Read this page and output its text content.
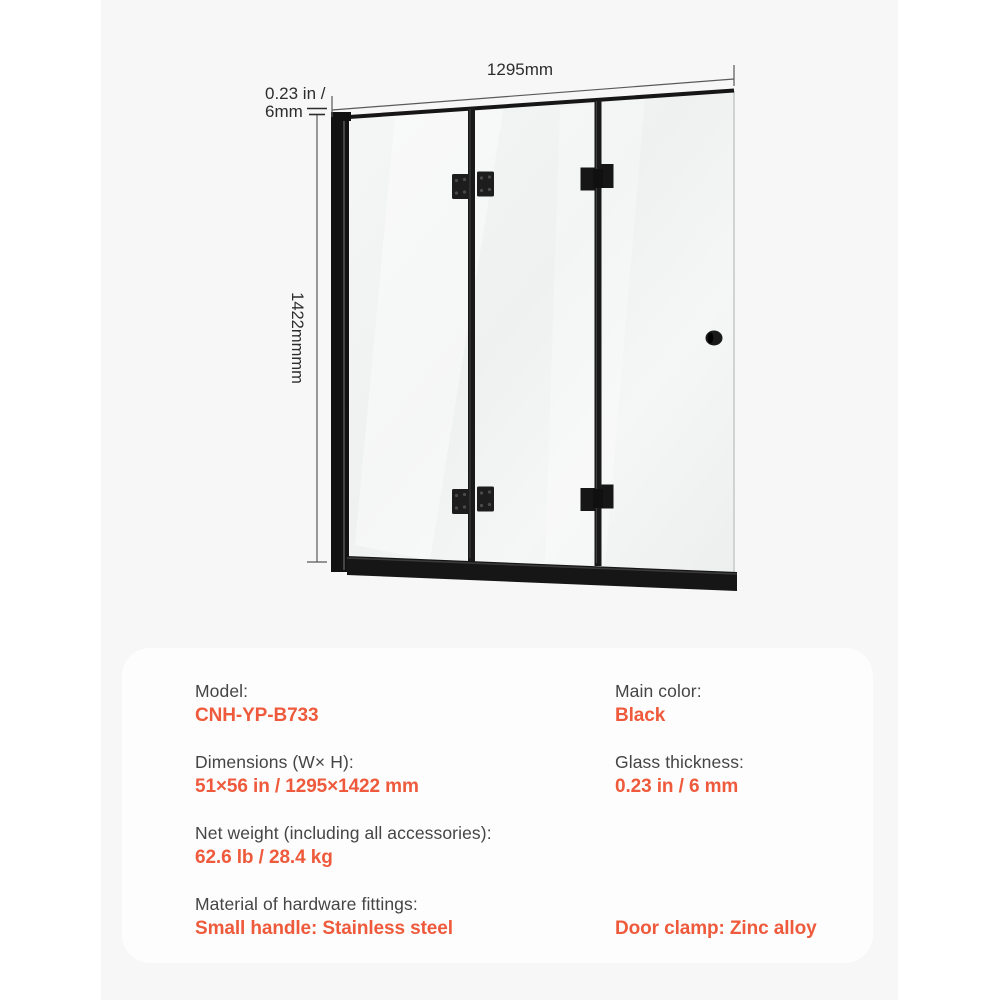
1295mm
1422mmmm
0.23 in /
6mm
Model:
CNH-YP-B733
Main color:
Black
Dimensions (W× H):
51×56 in / 1295×1422 mm
Glass thickness:
0.23 in / 6 mm
Net weight (including all accessories):
62.6 lb / 28.4 kg
Material of hardware fittings:
Small handle: Stainless steel	Door clamp: Zinc alloy
